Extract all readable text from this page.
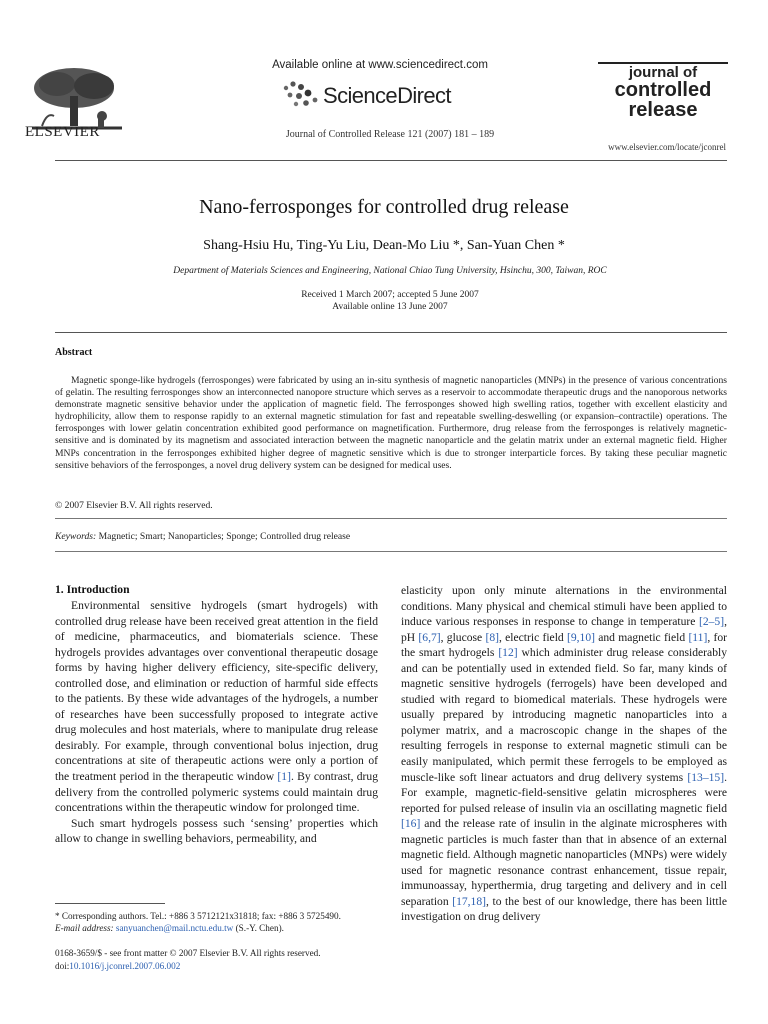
ELSEVIER
Available online at www.sciencedirect.com
ScienceDirect
Journal of Controlled Release 121 (2007) 181 – 189
journal of
controlled
release
www.elsevier.com/locate/jconrel
Nano-ferrosponges for controlled drug release
Shang-Hsiu Hu, Ting-Yu Liu, Dean-Mo Liu *, San-Yuan Chen *
Department of Materials Sciences and Engineering, National Chiao Tung University, Hsinchu, 300, Taiwan, ROC
Received 1 March 2007; accepted 5 June 2007
Available online 13 June 2007
Abstract
Magnetic sponge-like hydrogels (ferrosponges) were fabricated by using an in-situ synthesis of magnetic nanoparticles (MNPs) in the presence of various concentrations of gelatin. The resulting ferrosponges show an interconnected nanopore structure which serves as a reservoir to accommodate therapeutic drugs and the nanoporous networks demonstrate magnetic sensitive behavior under the application of magnetic field. The ferrosponges showed high swelling ratios, together with excellent elasticity and hydrophilicity, allow them to response rapidly to an external magnetic stimulation for fast and repeatable swelling-deswelling (or expansion–contractile) operations. The ferrosponges with lower gelatin concentration exhibited good performance on magnetification. Furthermore, drug release from the ferrosponges is relatively magnetic-sensitive and is dominated by its magnetism and associated interaction between the magnetic nanoparticle and the gelatin matrix under an external magnetic field. Higher MNPs concentration in the ferrosponges exhibited higher degree of magnetic sensitive which is due to stronger interparticle forces. By taking these peculiar magnetic sensitive behaviors of the ferrosponges, a novel drug delivery system can be designed for medical uses.
© 2007 Elsevier B.V. All rights reserved.
Keywords: Magnetic; Smart; Nanoparticles; Sponge; Controlled drug release
1. Introduction

Environmental sensitive hydrogels (smart hydrogels) with controlled drug release have been received great attention in the field of medicine, pharmaceutics, and biomaterials science. These hydrogels provides advantages over conventional therapeutic dosage forms by having higher delivery efficiency, site-specific delivery, controlled dose, and elimination or reduction of harmful side effects to the patients. By these wide advantages of the hydrogels, a number of researches have been successfully proposed to integrate active drug molecules and host materials, where to manipulate drug release desirably. For example, through conventional bolus injection, drug concentrations at site of therapeutic actions were only a portion of the treatment period in the therapeutic window [1]. By contrast, drug delivery from the controlled polymeric systems could maintain drug concentrations within the therapeutic window for prolonged time.

Such smart hydrogels possess such ‘sensing’ properties which allow to change in swelling behaviors, permeability, and

elasticity upon only minute alternations in the environmental conditions. Many physical and chemical stimuli have been applied to induce various responses in response to change in temperature [2–5], pH [6,7], glucose [8], electric field [9,10] and magnetic field [11], for the smart hydrogels [12] which administer drug release considerably and can be potentially used in extended field. So far, many kinds of magnetic sensitive hydrogels (ferrogels) have been developed and studied with regard to biomedical materials. These hydrogels were usually prepared by introducing magnetic nanoparticles into a polymer matrix, and a macroscopic change in the shapes of the resulting ferrogels in response to external magnetic stimuli can be easily manipulated, which permit these ferrogels to be employed as muscle-like soft linear actuators and drug delivery systems [13–15]. For example, magnetic-field-sensitive gelatin microspheres were reported for pulsed release of insulin via an oscillating magnetic field [16] and the release rate of insulin in the alginate microspheres with magnetic particles is much faster than that in absence of an external magnetic field. Although magnetic nanoparticles (MNPs) were widely used for magnetic resonance contrast enhancement, tissue repair, immunoassay, hyperthermia, drug targeting and delivery and in cell separation [17,18], to the best of our knowledge, there has been little investigation on drug delivery

* Corresponding authors. Tel.: +886 3 5712121x31818; fax: +886 3 5725490.
E-mail address: sanyuanchen@mail.nctu.edu.tw (S.-Y. Chen).
0168-3659/$ - see front matter © 2007 Elsevier B.V. All rights reserved.
doi:10.1016/j.jconrel.2007.06.002
